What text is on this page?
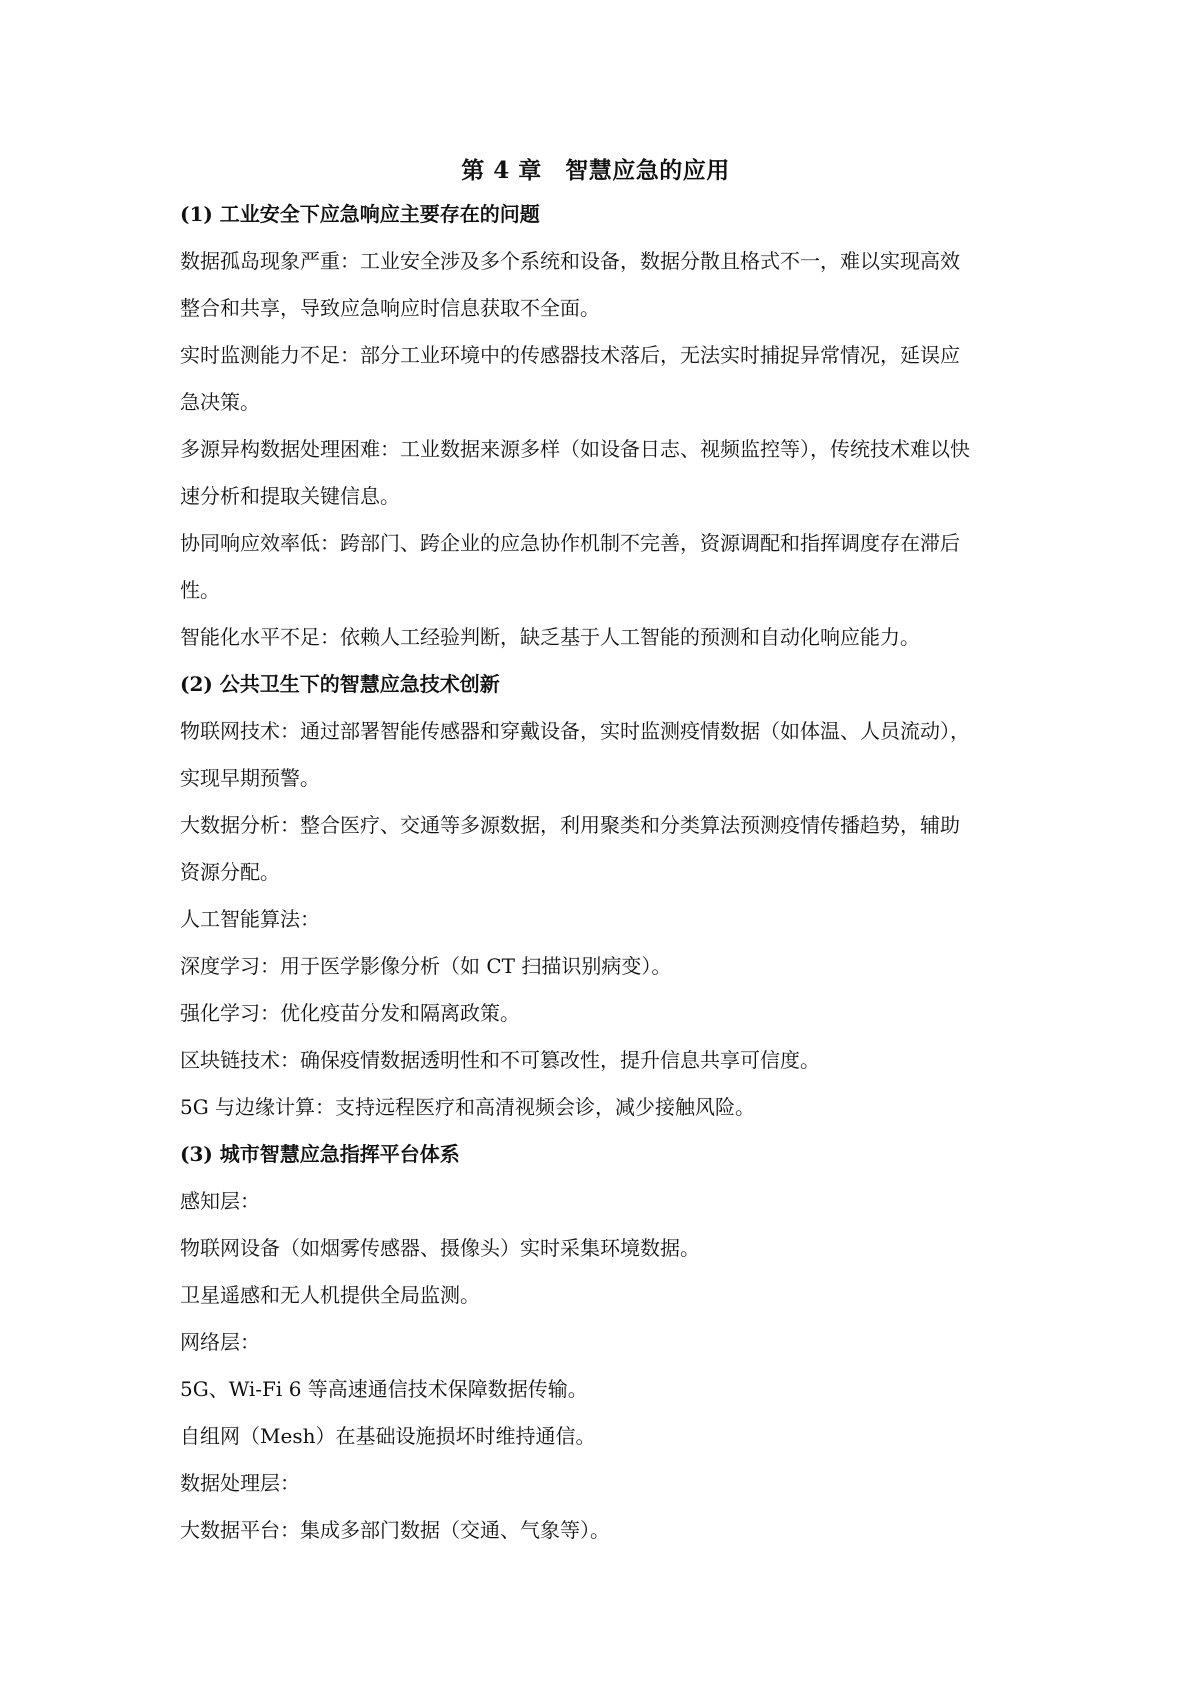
第 4 章　智慧应急的应用
(1) 工业安全下应急响应主要存在的问题
数据孤岛现象严重：工业安全涉及多个系统和设备，数据分散且格式不一，难以实现高效
整合和共享，导致应急响应时信息获取不全面。
实时监测能力不足：部分工业环境中的传感器技术落后，无法实时捕捉异常情况，延误应
急决策。
多源异构数据处理困难：工业数据来源多样（如设备日志、视频监控等），传统技术难以快
速分析和提取关键信息。
协同响应效率低：跨部门、跨企业的应急协作机制不完善，资源调配和指挥调度存在滞后
性。
智能化水平不足：依赖人工经验判断，缺乏基于人工智能的预测和自动化响应能力。
(2) 公共卫生下的智慧应急技术创新
物联网技术：通过部署智能传感器和穿戴设备，实时监测疫情数据（如体温、人员流动），
实现早期预警。
大数据分析：整合医疗、交通等多源数据，利用聚类和分类算法预测疫情传播趋势，辅助
资源分配。
人工智能算法：
深度学习：用于医学影像分析（如 CT 扫描识别病变）。
强化学习：优化疫苗分发和隔离政策。
区块链技术：确保疫情数据透明性和不可篡改性，提升信息共享可信度。
5G 与边缘计算：支持远程医疗和高清视频会诊，减少接触风险。
(3) 城市智慧应急指挥平台体系
感知层：
物联网设备（如烟雾传感器、摄像头）实时采集环境数据。
卫星遥感和无人机提供全局监测。
网络层：
5G、Wi-Fi 6 等高速通信技术保障数据传输。
自组网（Mesh）在基础设施损坏时维持通信。
数据处理层：
大数据平台：集成多部门数据（交通、气象等）。
